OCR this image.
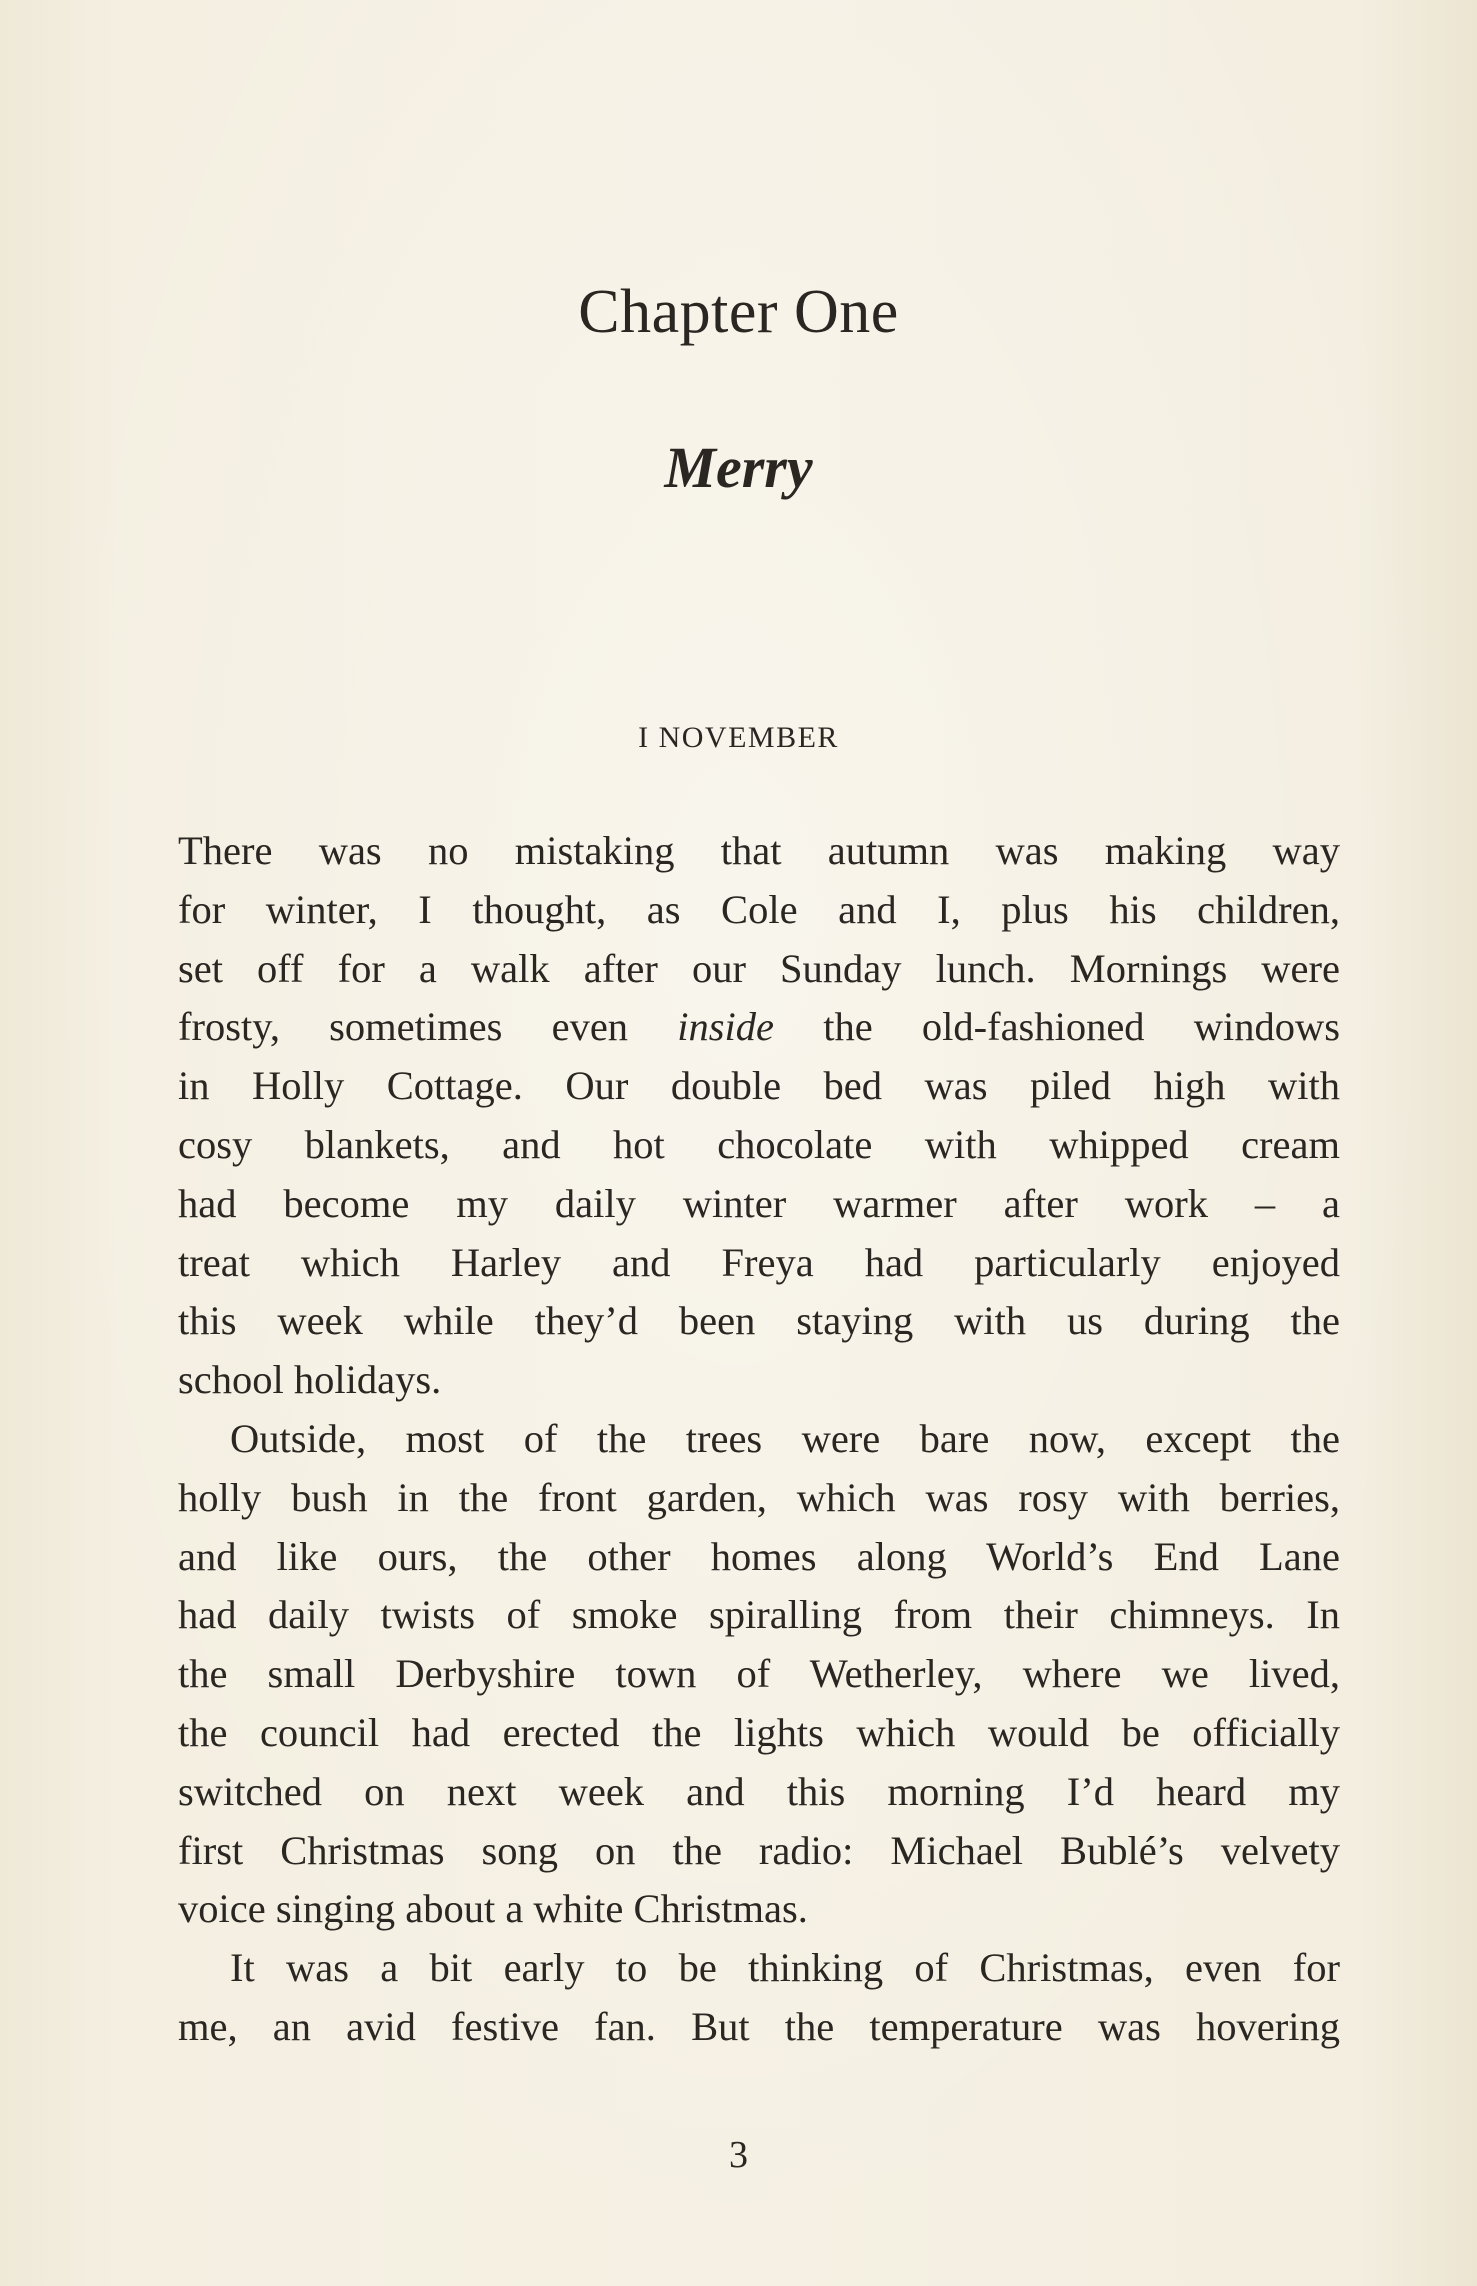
Chapter One
Merry
I NOVEMBER
There was no mistaking that autumn was making way
for winter, I thought, as Cole and I, plus his children,
set off for a walk after our Sunday lunch. Mornings were
frosty, sometimes even inside the old-fashioned windows
in Holly Cottage. Our double bed was piled high with
cosy blankets, and hot chocolate with whipped cream
had become my daily winter warmer after work – a
treat which Harley and Freya had particularly enjoyed
this week while they’d been staying with us during the
school holidays.
Outside, most of the trees were bare now, except the
holly bush in the front garden, which was rosy with berries,
and like ours, the other homes along World’s End Lane
had daily twists of smoke spiralling from their chimneys. In
the small Derbyshire town of Wetherley, where we lived,
the council had erected the lights which would be officially
switched on next week and this morning I’d heard my
first Christmas song on the radio: Michael Bublé’s velvety
voice singing about a white Christmas.
It was a bit early to be thinking of Christmas, even for
me, an avid festive fan. But the temperature was hovering
3
